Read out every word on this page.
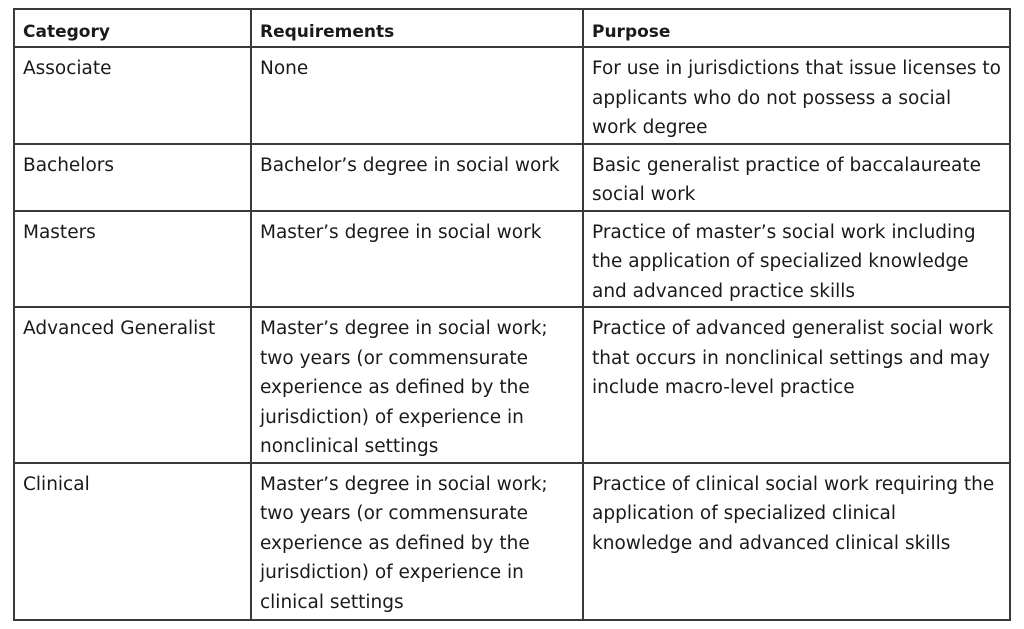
Category	Requirements	Purpose
Associate	None	For use in jurisdictions that issue licenses to applicants who do not possess a social work degree
Bachelors	Bachelor’s degree in social work	Basic generalist practice of baccalaureate social work
Masters	Master’s degree in social work	Practice of master’s social work including the application of specialized knowledge and advanced practice skills
Advanced Generalist	Master’s degree in social work; two years (or commensurate experience as defined by the jurisdiction) of experience in nonclinical settings	Practice of advanced generalist social work that occurs in nonclinical settings and may include macro-level practice
Clinical	Master’s degree in social work; two years (or commensurate experience as defined by the jurisdiction) of experience in clinical settings	Practice of clinical social work requiring the application of specialized clinical knowledge and advanced clinical skills
